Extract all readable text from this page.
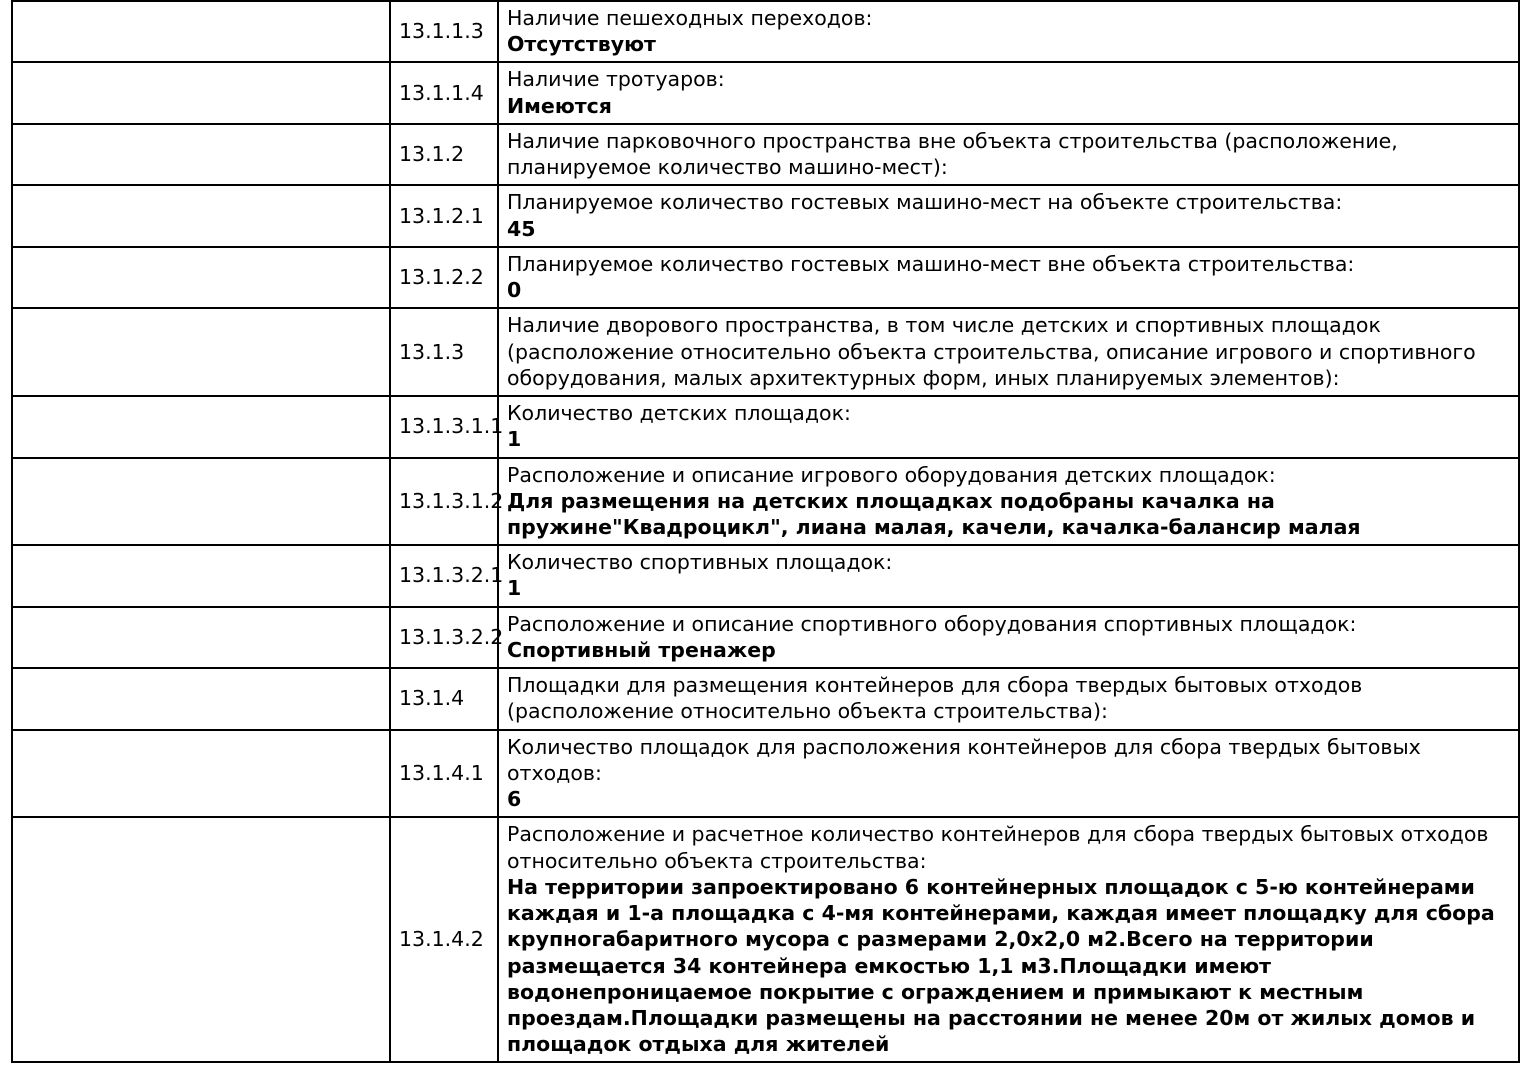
	13.1.1.3	Наличие пешеходных переходов:
Отсутствуют

	13.1.1.4	Наличие тротуаров:
Имеются

	13.1.2	Наличие парковочного пространства вне объекта строительства (расположение, планируемое количество машино-мест):

	13.1.2.1	Планируемое количество гостевых машино-мест на объекте строительства:
45

	13.1.2.2	Планируемое количество гостевых машино-мест вне объекта строительства:
0

	13.1.3	Наличие дворового пространства, в том числе детских и спортивных площадок (расположение относительно объекта строительства, описание игрового и спортивного оборудования, малых архитектурных форм, иных планируемых элементов):

	13.1.3.1.1	Количество детских площадок:
1

	13.1.3.1.2	Расположение и описание игрового оборудования детских площадок:
Для размещения на детских площадках подобраны качалка на пружине"Квадроцикл", лиана малая, качели, качалка-балансир малая

	13.1.3.2.1	Количество спортивных площадок:
1

	13.1.3.2.2	Расположение и описание спортивного оборудования спортивных площадок:
Спортивный тренажер

	13.1.4	Площадки для размещения контейнеров для сбора твердых бытовых отходов (расположение относительно объекта строительства):

	13.1.4.1	Количество площадок для расположения контейнеров для сбора твердых бытовых отходов:
6

	13.1.4.2	Расположение и расчетное количество контейнеров для сбора твердых бытовых отходов относительно объекта строительства:
На территории запроектировано 6 контейнерных площадок с 5-ю контейнерами каждая и 1-а площадка с 4-мя контейнерами, каждая имеет площадку для сбора крупногабаритного мусора с размерами 2,0х2,0 м2.Всего на территории размещается 34 контейнера емкостью 1,1 м3.Площадки имеют водонепроницаемое покрытие с ограждением и примыкают к местным проездам.Площадки размещены на расстоянии не менее 20м от жилых домов и площадок отдыха для жителей
